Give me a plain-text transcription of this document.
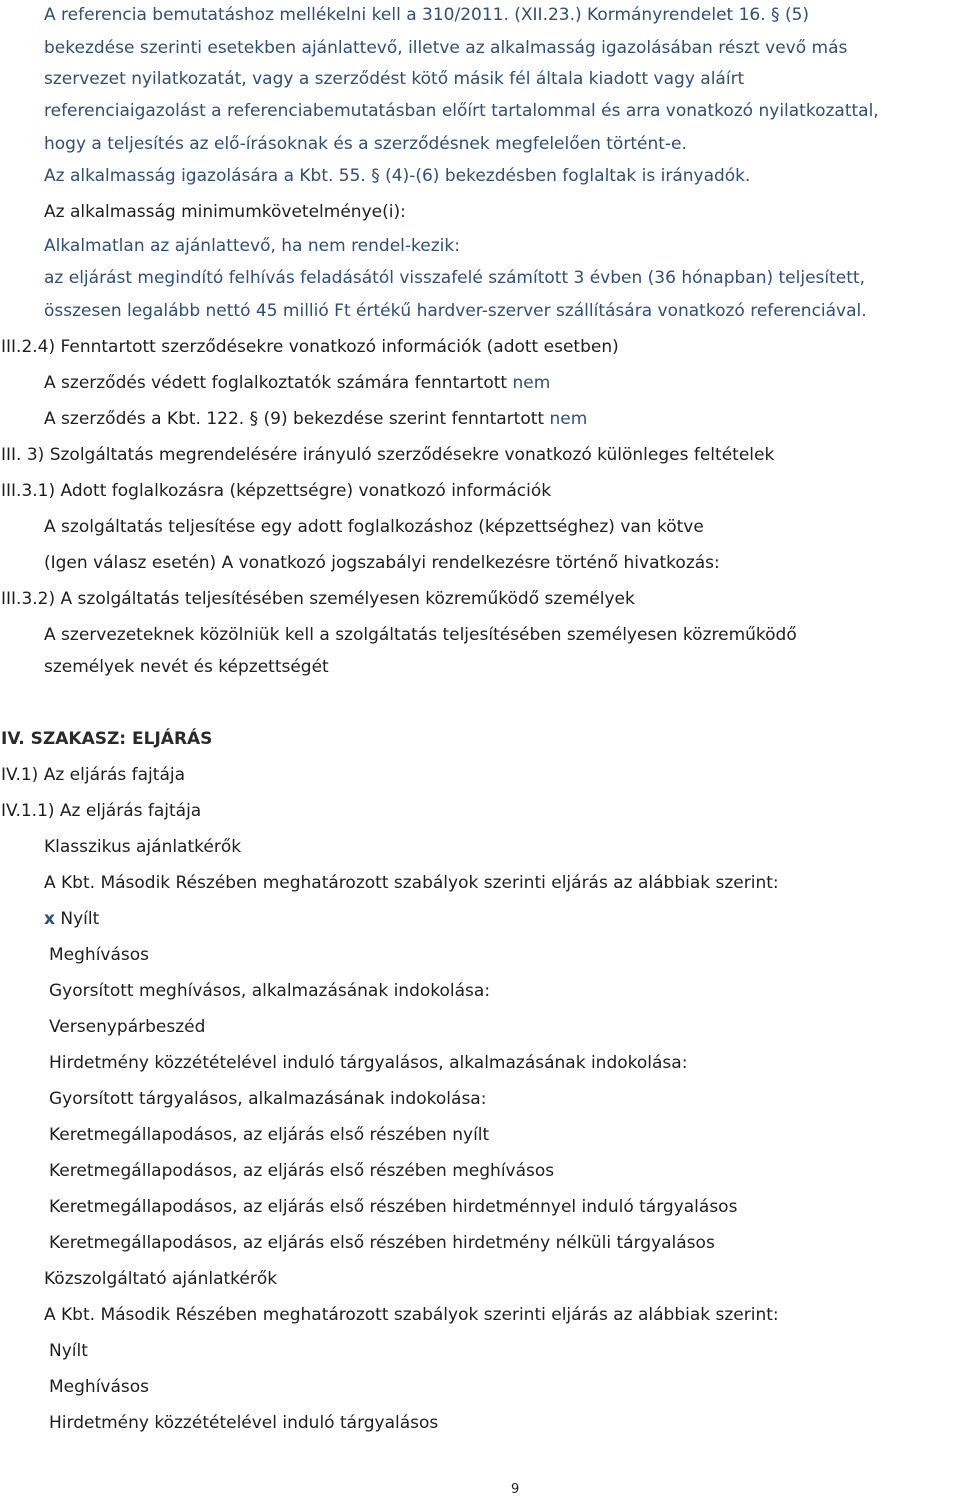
A referencia bemutatáshoz mellékelni kell a 310/2011. (XII.23.) Kormányrendelet 16. § (5)
bekezdése szerinti esetekben ajánlattevő, illetve az alkalmasság igazolásában részt vevő más
szervezet nyilatkozatát, vagy a szerződést kötő másik fél általa kiadott vagy aláírt
referenciaigazolást a referenciabemutatásban előírt tartalommal és arra vonatkozó nyilatkozattal,
hogy a teljesítés az elő-írásoknak és a szerződésnek megfelelően történt-e.
Az alkalmasság igazolására a Kbt. 55. § (4)-(6) bekezdésben foglaltak is irányadók.
Az alkalmasság minimumkövetelménye(i):
Alkalmatlan az ajánlattevő, ha nem rendel-kezik:
az eljárást megindító felhívás feladásától visszafelé számított 3 évben (36 hónapban) teljesített,
összesen legalább nettó 45 millió Ft értékű hardver-szerver szállítására vonatkozó referenciával.
III.2.4) Fenntartott szerződésekre vonatkozó információk (adott esetben)
A szerződés védett foglalkoztatók számára fenntartott nem
A szerződés a Kbt. 122. § (9) bekezdése szerint fenntartott nem
III. 3) Szolgáltatás megrendelésére irányuló szerződésekre vonatkozó különleges feltételek
III.3.1) Adott foglalkozásra (képzettségre) vonatkozó információk
A szolgáltatás teljesítése egy adott foglalkozáshoz (képzettséghez) van kötve
(Igen válasz esetén) A vonatkozó jogszabályi rendelkezésre történő hivatkozás:
III.3.2) A szolgáltatás teljesítésében személyesen közreműködő személyek
A szervezeteknek közölniük kell a szolgáltatás teljesítésében személyesen közreműködő
személyek nevét és képzettségét
IV. SZAKASZ: ELJÁRÁS
IV.1) Az eljárás fajtája
IV.1.1) Az eljárás fajtája
Klasszikus ajánlatkérők
A Kbt. Második Részében meghatározott szabályok szerinti eljárás az alábbiak szerint:
x Nyílt
Meghívásos
Gyorsított meghívásos, alkalmazásának indokolása:
Versenypárbeszéd
Hirdetmény közzétételével induló tárgyalásos, alkalmazásának indokolása:
Gyorsított tárgyalásos, alkalmazásának indokolása:
Keretmegállapodásos, az eljárás első részében nyílt
Keretmegállapodásos, az eljárás első részében meghívásos
Keretmegállapodásos, az eljárás első részében hirdetménnyel induló tárgyalásos
Keretmegállapodásos, az eljárás első részében hirdetmény nélküli tárgyalásos
Közszolgáltató ajánlatkérők
A Kbt. Második Részében meghatározott szabályok szerinti eljárás az alábbiak szerint:
Nyílt
Meghívásos
Hirdetmény közzétételével induló tárgyalásos
9
